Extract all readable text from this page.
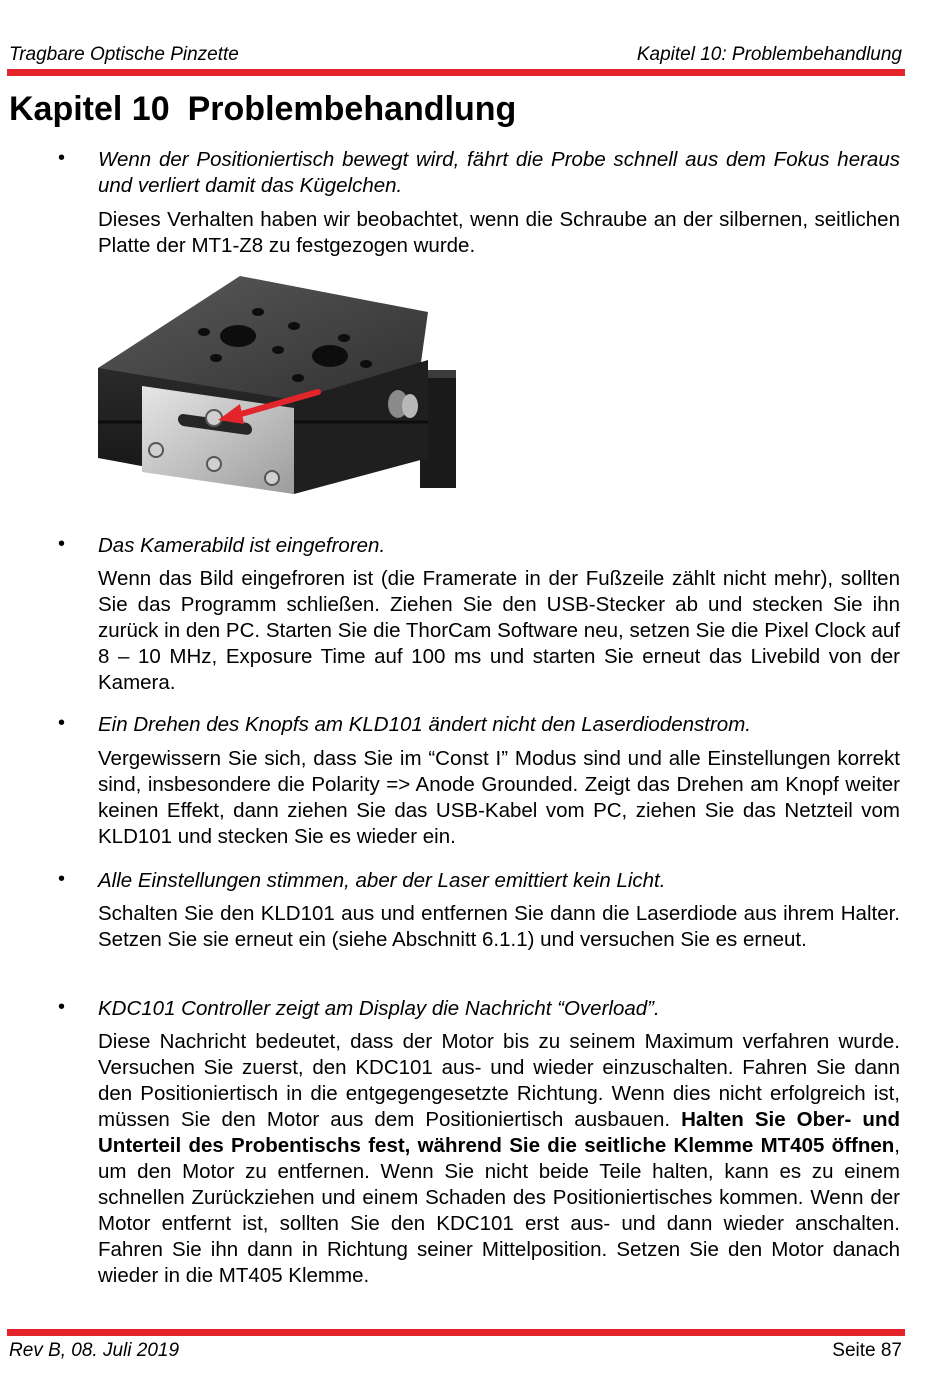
Tragbare Optische Pinzette	Kapitel 10: Problembehandlung
Kapitel 10 Problembehandlung
• Wenn der Positioniertisch bewegt wird, fährt die Probe schnell aus dem Fokus heraus und verliert damit das Kügelchen.
Dieses Verhalten haben wir beobachtet, wenn die Schraube an der silbernen, seitlichen Platte der MT1-Z8 zu festgezogen wurde.
• Das Kamerabild ist eingefroren.
Wenn das Bild eingefroren ist (die Framerate in der Fußzeile zählt nicht mehr), sollten Sie das Programm schließen. Ziehen Sie den USB-Stecker ab und stecken Sie ihn zurück in den PC. Starten Sie die ThorCam Software neu, setzen Sie die Pixel Clock auf 8 – 10 MHz, Exposure Time auf 100 ms und starten Sie erneut das Livebild von der Kamera.
• Ein Drehen des Knopfs am KLD101 ändert nicht den Laserdiodenstrom.
Vergewissern Sie sich, dass Sie im “Const I” Modus sind und alle Einstellungen korrekt sind, insbesondere die Polarity => Anode Grounded. Zeigt das Drehen am Knopf weiter keinen Effekt, dann ziehen Sie das USB-Kabel vom PC, ziehen Sie das Netzteil vom KLD101 und stecken Sie es wieder ein.
• Alle Einstellungen stimmen, aber der Laser emittiert kein Licht.
Schalten Sie den KLD101 aus und entfernen Sie dann die Laserdiode aus ihrem Halter. Setzen Sie sie erneut ein (siehe Abschnitt 6.1.1) und versuchen Sie es erneut.
• KDC101 Controller zeigt am Display die Nachricht “Overload”.
Diese Nachricht bedeutet, dass der Motor bis zu seinem Maximum verfahren wurde. Versuchen Sie zuerst, den KDC101 aus- und wieder einzuschalten. Fahren Sie dann den Positioniertisch in die entgegengesetzte Richtung. Wenn dies nicht erfolgreich ist, müssen Sie den Motor aus dem Positioniertisch ausbauen. Halten Sie Ober- und Unterteil des Probentischs fest, während Sie die seitliche Klemme MT405 öffnen, um den Motor zu entfernen. Wenn Sie nicht beide Teile halten, kann es zu einem schnellen Zurückziehen und einem Schaden des Positioniertisches kommen. Wenn der Motor entfernt ist, sollten Sie den KDC101 erst aus- und dann wieder anschalten. Fahren Sie ihn dann in Richtung seiner Mittelposition. Setzen Sie den Motor danach wieder in die MT405 Klemme.
Rev B, 08. Juli 2019	Seite 87
